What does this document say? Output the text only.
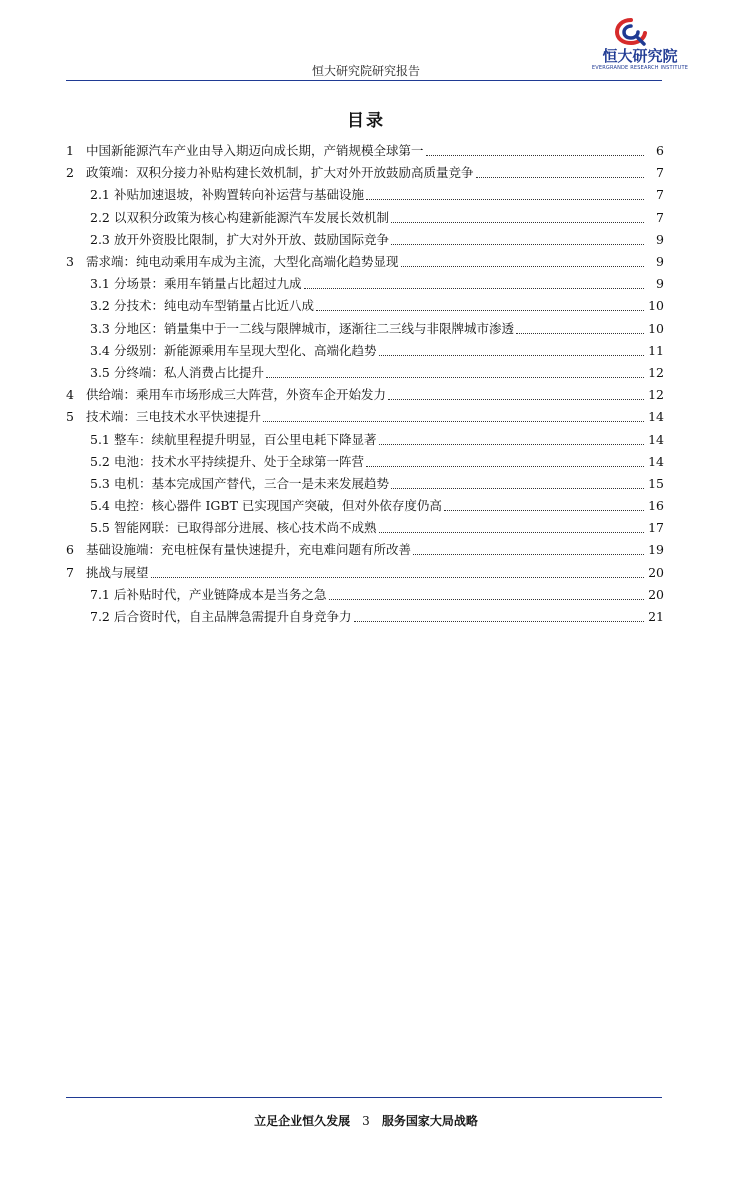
恒大研究院
EVERGRANDE RESEARCH INSTITUTE
恒大研究院研究报告
目录
1 中国新能源汽车产业由导入期迈向成长期，产销规模全球第一	6
2 政策端：双积分接力补贴构建长效机制，扩大对外开放鼓励高质量竞争	7
2.1 补贴加速退坡，补购置转向补运营与基础设施	7
2.2 以双积分政策为核心构建新能源汽车发展长效机制	7
2.3 放开外资股比限制，扩大对外开放、鼓励国际竞争	9
3 需求端：纯电动乘用车成为主流，大型化高端化趋势显现	9
3.1 分场景：乘用车销量占比超过九成	9
3.2 分技术：纯电动车型销量占比近八成	10
3.3 分地区：销量集中于一二线与限牌城市，逐渐往二三线与非限牌城市渗透	10
3.4 分级别：新能源乘用车呈现大型化、高端化趋势	11
3.5 分终端：私人消费占比提升	12
4 供给端：乘用车市场形成三大阵营，外资车企开始发力	12
5 技术端：三电技术水平快速提升	14
5.1 整车：续航里程提升明显，百公里电耗下降显著	14
5.2 电池：技术水平持续提升、处于全球第一阵营	14
5.3 电机：基本完成国产替代，三合一是未来发展趋势	15
5.4 电控：核心器件 IGBT 已实现国产突破，但对外依存度仍高	16
5.5 智能网联：已取得部分进展、核心技术尚不成熟	17
6 基础设施端：充电桩保有量快速提升，充电难问题有所改善	19
7 挑战与展望	20
7.1 后补贴时代，产业链降成本是当务之急	20
7.2 后合资时代，自主品牌急需提升自身竞争力	21
立足企业恒久发展 3 服务国家大局战略
